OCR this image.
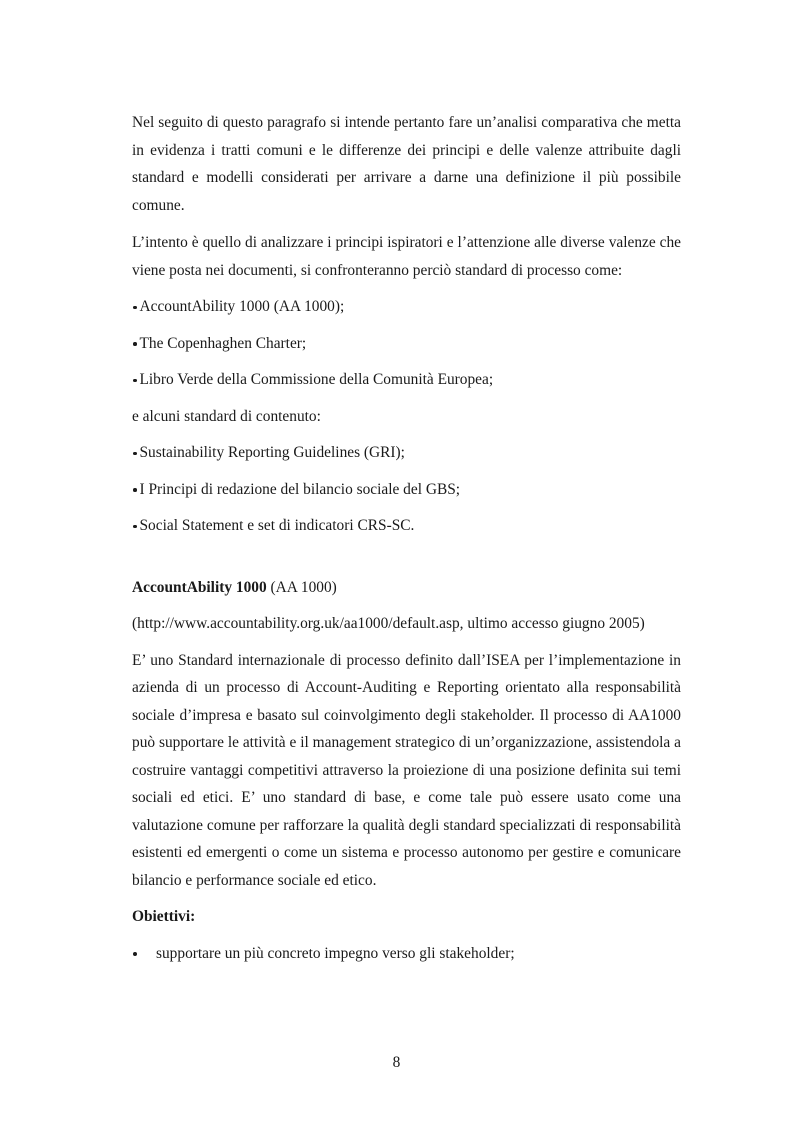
Nel seguito di questo paragrafo si intende pertanto fare un’analisi comparativa che metta in evidenza i tratti comuni e le differenze dei principi e delle valenze attribuite dagli standard e modelli considerati per arrivare a darne una definizione il più possibile comune.

L’intento è quello di analizzare i principi ispiratori e l’attenzione alle diverse valenze che viene posta nei documenti, si confronteranno perciò standard di processo come:

AccountAbility 1000 (AA 1000);

The Copenhaghen Charter;

Libro Verde della Commissione della Comunità Europea;

e alcuni standard di contenuto:

Sustainability Reporting Guidelines (GRI);

I Principi di redazione del bilancio sociale del GBS;

Social Statement e set di indicatori CRS-SC.

AccountAbility 1000 (AA 1000)

(http://www.accountability.org.uk/aa1000/default.asp, ultimo accesso giugno 2005)

E’ uno Standard internazionale di processo definito dall’ISEA per l’implementazione in azienda di un processo di Account-Auditing e Reporting orientato alla responsabilità sociale d’impresa e basato sul coinvolgimento degli stakeholder. Il processo di AA1000 può supportare le attività e il management strategico di un’organizzazione, assistendola a costruire vantaggi competitivi attraverso la proiezione di una posizione definita sui temi sociali ed etici. E’ uno standard di base, e come tale può essere usato come una valutazione comune per rafforzare la qualità degli standard specializzati di responsabilità esistenti ed emergenti o come un sistema e processo autonomo per gestire e comunicare bilancio e performance sociale ed etico.

Obiettivi:

supportare un più concreto impegno verso gli stakeholder;

8
